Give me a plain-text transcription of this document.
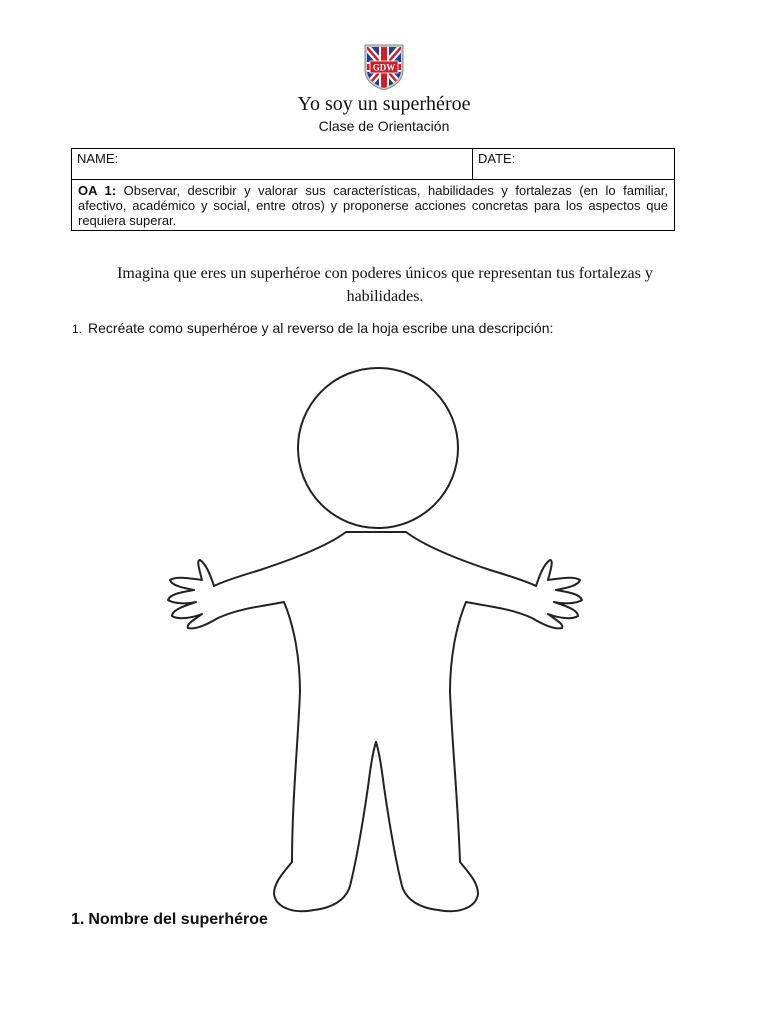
GDW
Yo soy un superhéroe
Clase de Orientación
NAME:	DATE:
OA 1: Observar, describir y valorar sus características, habilidades y fortalezas (en lo familiar, afectivo, académico y social, entre otros) y proponerse acciones concretas para los aspectos que requiera superar.
Imagina que eres un superhéroe con poderes únicos que representan tus fortalezas y habilidades.
1. Recréate como superhéroe y al reverso de la hoja escribe una descripción:
1. Nombre del superhéroe
